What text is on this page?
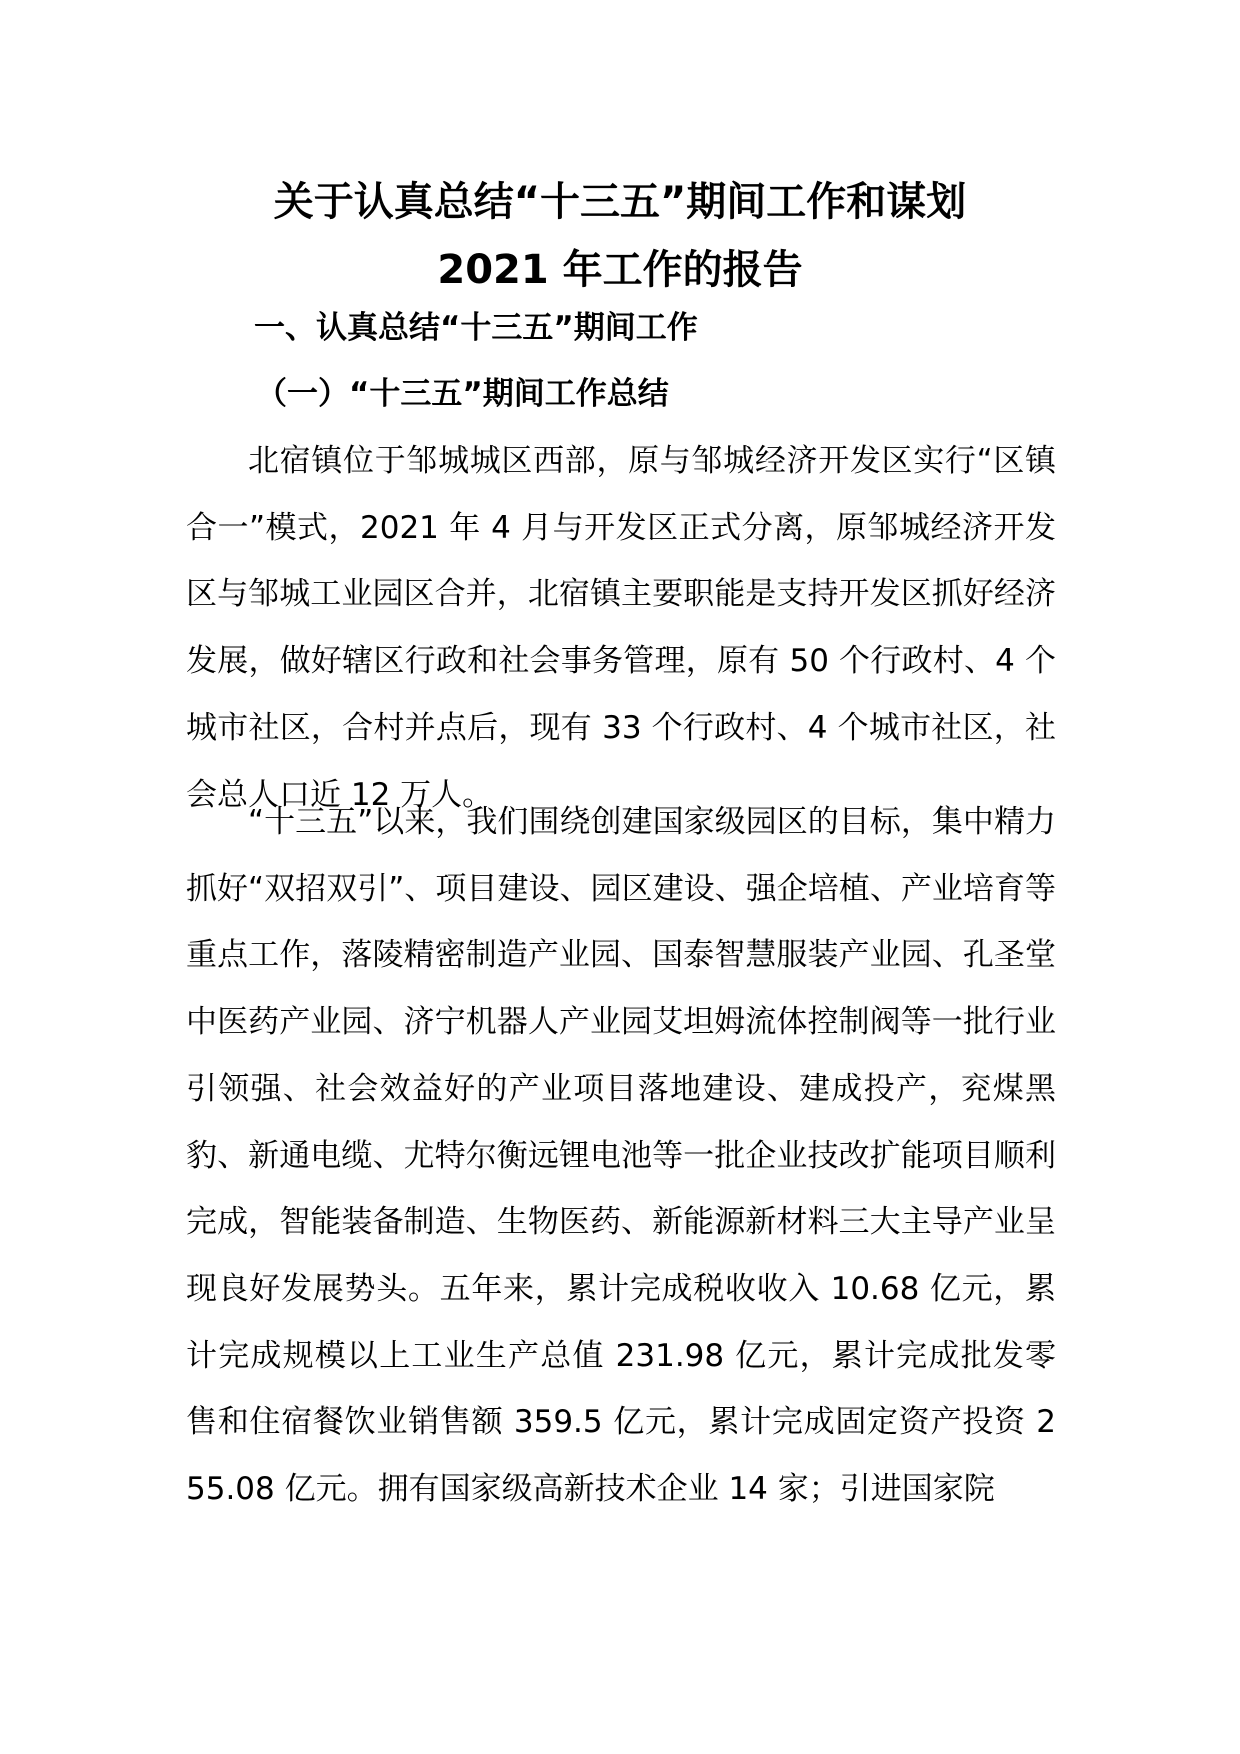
关于认真总结“十三五”期间工作和谋划
2021 年工作的报告
一、认真总结“十三五”期间工作
（一）“十三五”期间工作总结

北宿镇位于邹城城区西部，原与邹城经济开发区实行“区镇合一”模式，2021 年 4 月与开发区正式分离，原邹城经济开发区与邹城工业园区合并，北宿镇主要职能是支持开发区抓好经济发展，做好辖区行政和社会事务管理，原有 50 个行政村、4 个城市社区，合村并点后，现有 33 个行政村、4 个城市社区，社会总人口近 12 万人。

“十三五”以来，我们围绕创建国家级园区的目标，集中精力抓好“双招双引”、项目建设、园区建设、强企培植、产业培育等重点工作，落陵精密制造产业园、国泰智慧服装产业园、孔圣堂中医药产业园、济宁机器人产业园艾坦姆流体控制阀等一批行业引领强、社会效益好的产业项目落地建设、建成投产，兖煤黑豹、新通电缆、尤特尔衡远锂电池等一批企业技改扩能项目顺利完成，智能装备制造、生物医药、新能源新材料三大主导产业呈现良好发展势头。五年来，累计完成税收收入 10.68 亿元，累计完成规模以上工业生产总值 231.98 亿元，累计完成批发零售和住宿餐饮业销售额 359.5 亿元，累计完成固定资产投资 255.08 亿元。拥有国家级高新技术企业 14 家；引进国家院
